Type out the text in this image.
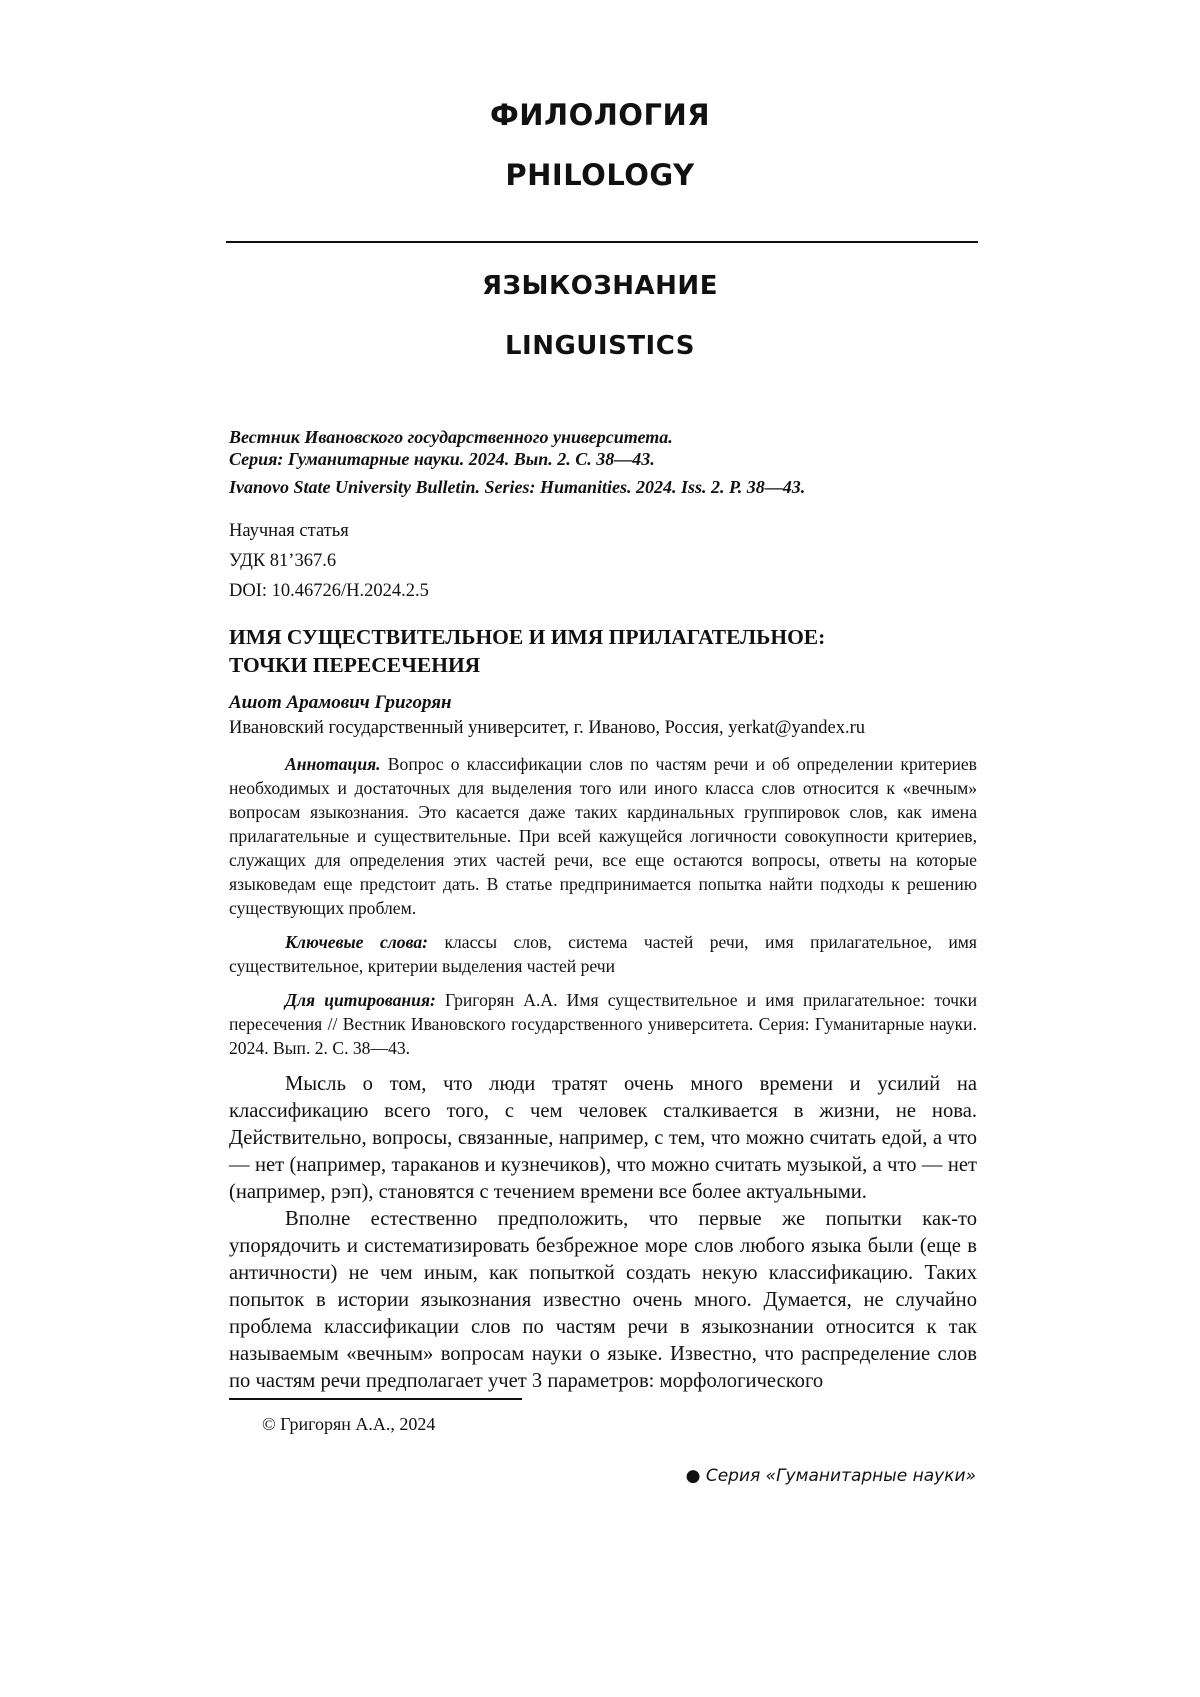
ФИЛОЛОГИЯ
PHILOLOGY
ЯЗЫКОЗНАНИЕ
LINGUISTICS

Вестник Ивановского государственного университета.

Серия: Гуманитарные науки. 2024. Вып. 2. С. 38—43.

Ivanovo State University Bulletin. Series: Humanities. 2024. Iss. 2. P. 38—43.

Научная статья
УДК 81’367.6
DOI: 10.46726/H.2024.2.5
ИМЯ СУЩЕСТВИТЕЛЬНОЕ И ИМЯ ПРИЛАГАТЕЛЬНОЕ:
ТОЧКИ ПЕРЕСЕЧЕНИЯ
Ашот Арамович Григорян
Ивановский государственный университет, г. Иваново, Россия, yerkat@yandex.ru

Аннотация. Вопрос о классификации слов по частям речи и об определении критериев необходимых и достаточных для выделения того или иного класса слов относится к «вечным» вопросам языкознания. Это касается даже таких кардинальных группировок слов, как имена прилагательные и существительные. При всей кажущейся логичности совокупности критериев, служащих для определения этих частей речи, все еще остаются вопросы, ответы на которые языковедам еще предстоит дать. В статье предпринимается попытка найти подходы к решению существующих проблем.

Ключевые слова: классы слов, система частей речи, имя прилагательное, имя существительное, критерии выделения частей речи

Для цитирования: Григорян А.А. Имя существительное и имя прилагательное: точки пересечения // Вестник Ивановского государственного университета. Серия: Гуманитарные науки. 2024. Вып. 2. С. 38—43.

Мысль о том, что люди тратят очень много времени и усилий на классификацию всего того, с чем человек сталкивается в жизни, не нова. Действительно, вопросы, связанные, например, с тем, что можно считать едой, а что — нет (например, тараканов и кузнечиков), что можно считать музыкой, а что — нет (например, рэп), становятся с течением времени все более актуальными.

Вполне естественно предположить, что первые же попытки как-то упорядочить и систематизировать безбрежное море слов любого языка были (еще в античности) не чем иным, как попыткой создать некую классификацию. Таких попыток в истории языкознания известно очень много. Думается, не случайно проблема классификации слов по частям речи в языкознании относится к так называемым «вечным» вопросам науки о языке. Известно, что распределение слов по частям речи предполагает учет 3 параметров: морфологического

© Григорян А.А., 2024
● Серия «Гуманитарные науки»
